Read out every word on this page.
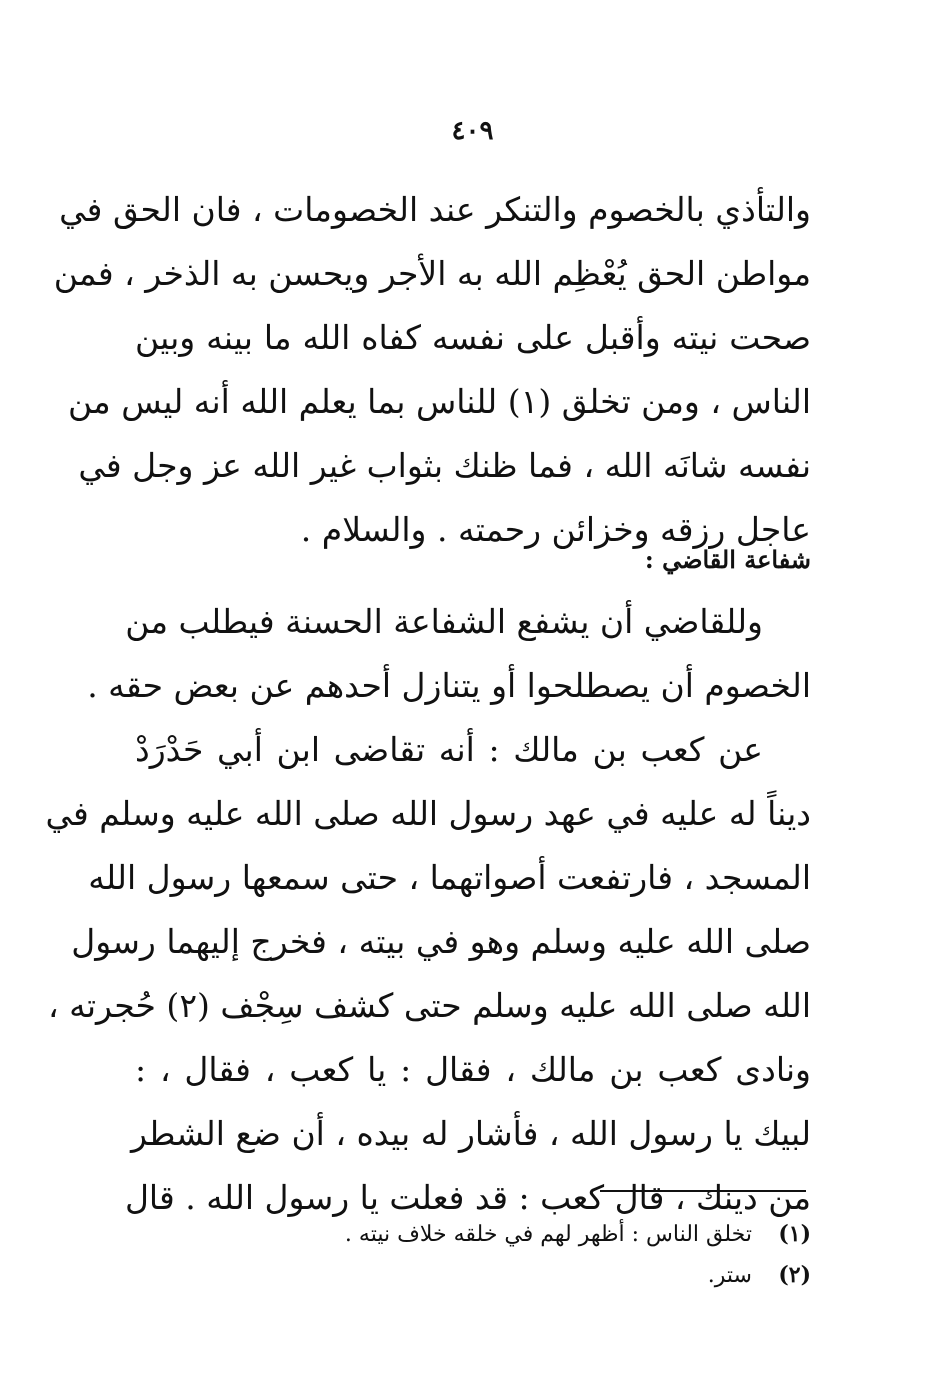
٤٠٩
والتأذي بالخصوم والتنكر عند الخصومات ، فان الحق في
مواطن الحق يُعْظِم الله به الأجر ويحسن به الذخر ، فمن
صحت نيته وأقبل على نفسه كفاه الله ما بينه وبين
الناس ، ومن تخلق (١) للناس بما يعلم الله أنه ليس من
نفسه شانَه الله ، فما ظنك بثواب غير الله عز وجل في
عاجل رزقه وخزائن رحمته . والسلام .
شفاعة القاضي :
وللقاضي أن يشفع الشفاعة الحسنة فيطلب من
الخصوم أن يصطلحوا أو يتنازل أحدهم عن بعض حقه .
عن كعب بن مالك : أنه تقاضى ابن أبي حَدْرَدْ
ديناً له عليه في عهد رسول الله صلى الله عليه وسلم في
المسجد ، فارتفعت أصواتهما ، حتى سمعها رسول الله
صلى الله عليه وسلم وهو في بيته ، فخرج إليهما رسول
الله صلى الله عليه وسلم حتى كشف سِجْف (٢) حُجرته ،
ونادى كعب بن مالك ، فقال : يا كعب ، فقال ، :
لبيك يا رسول الله ، فأشار له بيده ، أن ضع الشطر
من دينك ، قال كعب : قد فعلت يا رسول الله . قال
(١) تخلق الناس : أظهر لهم في خلقه خلاف نيته .
(٢) ستر.
